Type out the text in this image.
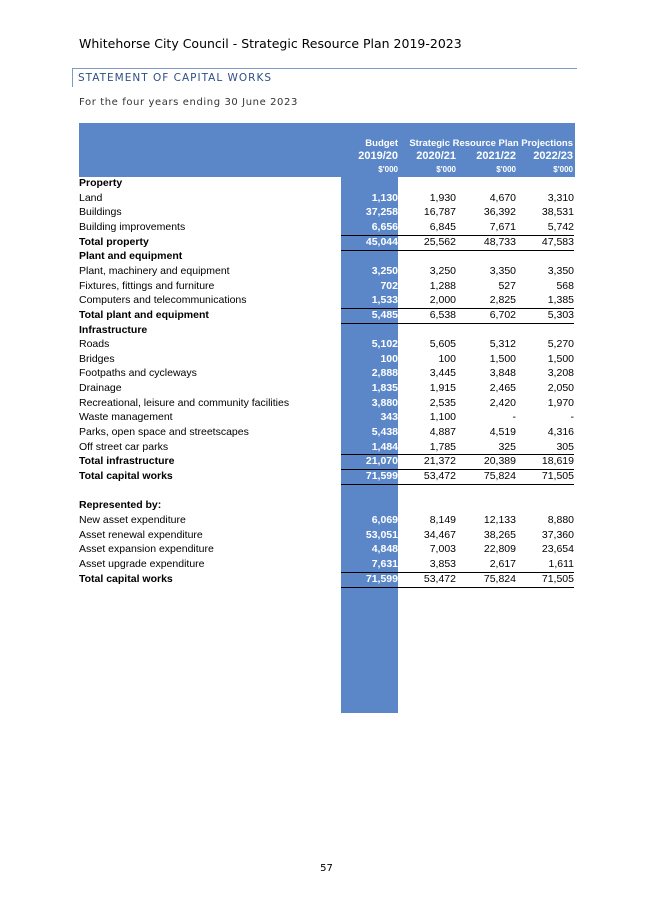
Whitehorse City Council - Strategic Resource Plan 2019-2023
STATEMENT OF CAPITAL WORKS
For the four years ending 30 June 2023
Budget	Strategic Resource Plan Projections
2019/20	2020/21	2021/22	2022/23
$'000	$'000	$'000	$'000
Property
Land	1,130	1,930	4,670	3,310
Buildings	37,258	16,787	36,392	38,531
Building improvements	6,656	6,845	7,671	5,742
Total property	45,044	25,562	48,733	47,583
Plant and equipment
Plant, machinery and equipment	3,250	3,250	3,350	3,350
Fixtures, fittings and furniture	702	1,288	527	568
Computers and telecommunications	1,533	2,000	2,825	1,385
Total plant and equipment	5,485	6,538	6,702	5,303
Infrastructure
Roads	5,102	5,605	5,312	5,270
Bridges	100	100	1,500	1,500
Footpaths and cycleways	2,888	3,445	3,848	3,208
Drainage	1,835	1,915	2,465	2,050
Recreational, leisure and community facilities	3,880	2,535	2,420	1,970
Waste management	343	1,100	-	-
Parks, open space and streetscapes	5,438	4,887	4,519	4,316
Off street car parks	1,484	1,785	325	305
Total infrastructure	21,070	21,372	20,389	18,619
Total capital works	71,599	53,472	75,824	71,505
Represented by:
New asset expenditure	6,069	8,149	12,133	8,880
Asset renewal expenditure	53,051	34,467	38,265	37,360
Asset expansion expenditure	4,848	7,003	22,809	23,654
Asset upgrade expenditure	7,631	3,853	2,617	1,611
Total capital works	71,599	53,472	75,824	71,505
57
